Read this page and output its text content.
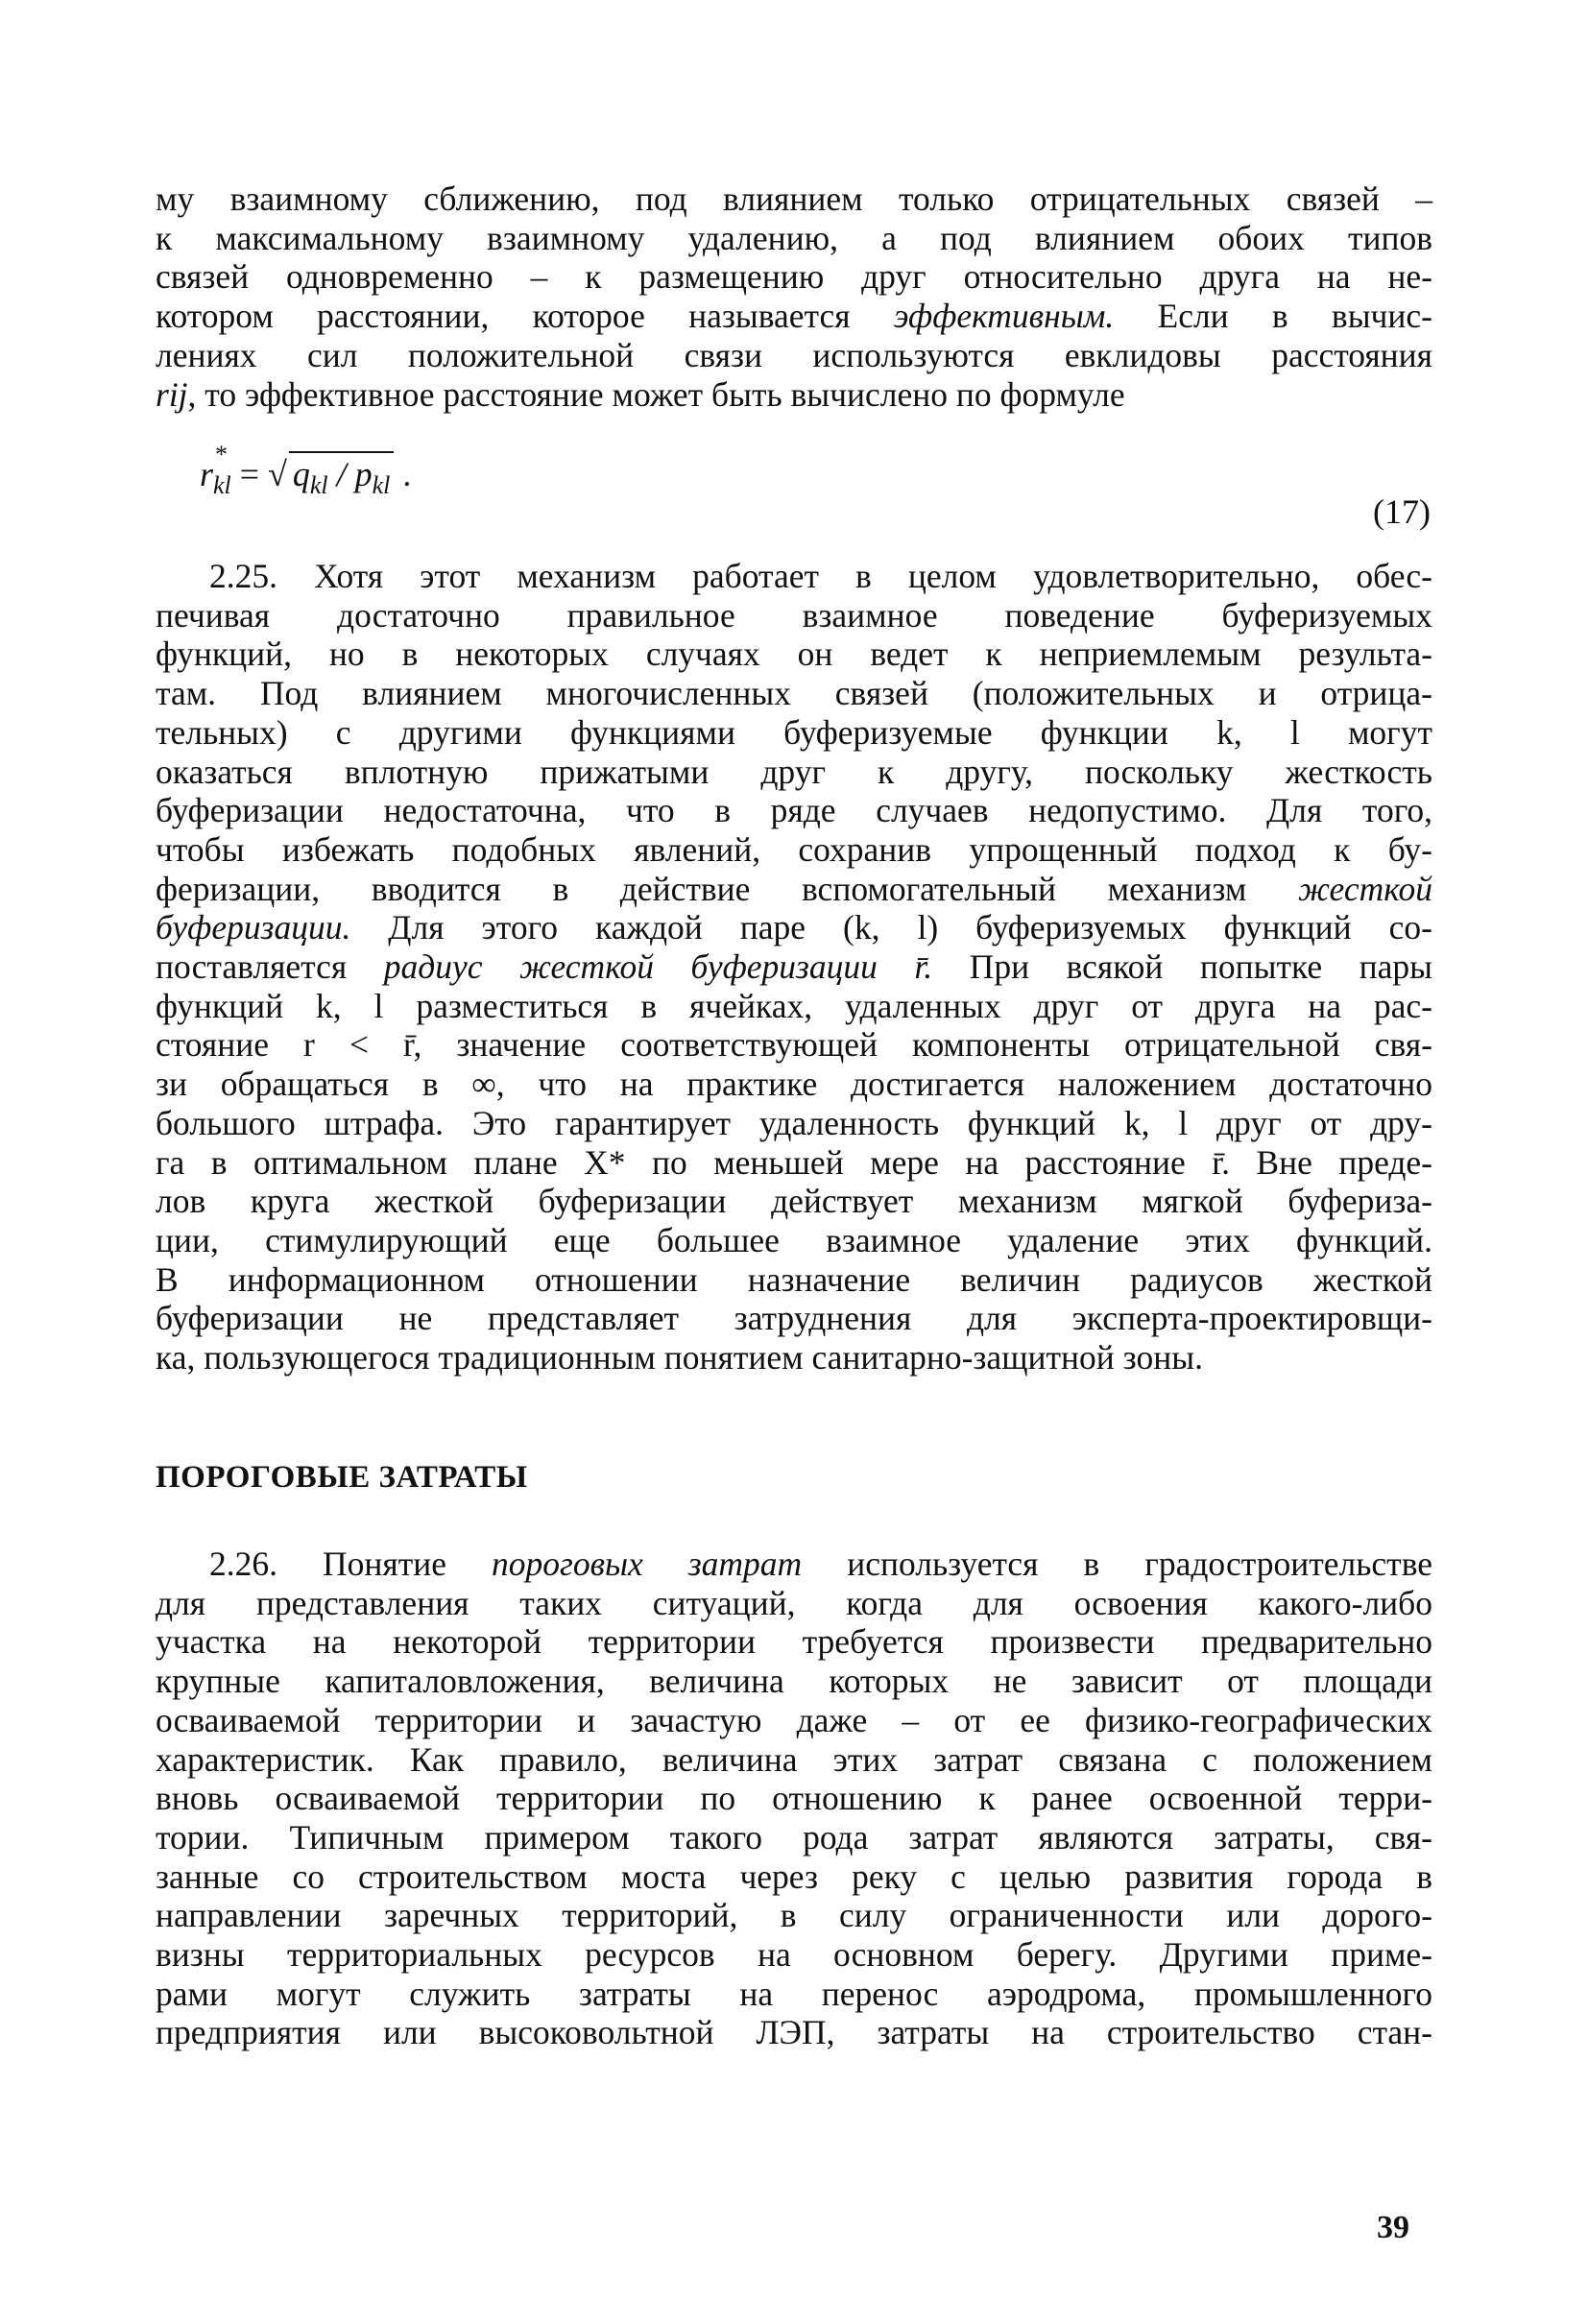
му взаимному сближению, под влиянием только отрицательных связей –
к максимальному взаимному удалению, а под влиянием обоих типов
связей одновременно – к размещению друг относительно друга на не-
котором расстоянии, которое называется эффективным. Если в вычис-
лениях сил положительной связи используются евклидовы расстояния
rij, то эффективное расстояние может быть вычислено по формуле
r
*
$_{kl}$ = √ $q_{kl} / p_{kl}$ .
(17)
2.25. Хотя этот механизм работает в целом удовлетворительно, обес-
печивая достаточно правильное взаимное поведение буферизуемых
функций, но в некоторых случаях он ведет к неприемлемым результа-
там. Под влиянием многочисленных связей (положительных и отрица-
тельных) с другими функциями буферизуемые функции k, l могут
оказаться вплотную прижатыми друг к другу, поскольку жесткость
буферизации недостаточна, что в ряде случаев недопустимо. Для того,
чтобы избежать подобных явлений, сохранив упрощенный подход к бу-
феризации, вводится в действие вспомогательный механизм жесткой
буферизации. Для этого каждой паре (k, l) буферизуемых функций со-
поставляется радиус жесткой буферизации r̄. При всякой попытке пары
функций k, l разместиться в ячейках, удаленных друг от друга на рас-
стояние r < r̄, значение соответствующей компоненты отрицательной свя-
зи обращаться в ∞, что на практике достигается наложением достаточно
большого штрафа. Это гарантирует удаленность функций k, l друг от дру-
га в оптимальном плане X* по меньшей мере на расстояние r̄. Вне преде-
лов круга жесткой буферизации действует механизм мягкой буфериза-
ции, стимулирующий еще большее взаимное удаление этих функций.
В информационном отношении назначение величин радиусов жесткой
буферизации не представляет затруднения для эксперта-проектировщи-
ка, пользующегося традиционным понятием санитарно-защитной зоны.
ПОРОГОВЫЕ ЗАТРАТЫ
2.26. Понятие пороговых затрат используется в градостроительстве
для представления таких ситуаций, когда для освоения какого-либо
участка на некоторой территории требуется произвести предварительно
крупные капиталовложения, величина которых не зависит от площади
осваиваемой территории и зачастую даже – от ее физико-географических
характеристик. Как правило, величина этих затрат связана с положением
вновь осваиваемой территории по отношению к ранее освоенной терри-
тории. Типичным примером такого рода затрат являются затраты, свя-
занные со строительством моста через реку с целью развития города в
направлении заречных территорий, в силу ограниченности или дорого-
визны территориальных ресурсов на основном берегу. Другими приме-
рами могут служить затраты на перенос аэродрома, промышленного
предприятия или высоковольтной ЛЭП, затраты на строительство стан-
39
